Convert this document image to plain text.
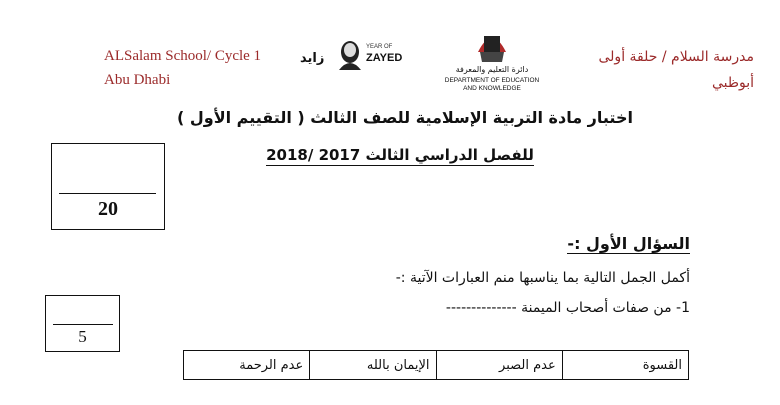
ALSalam School/ Cycle 1
Abu Dhabi
زايد
YEAR OF
ZAYED
دائرة التعليم والمعرفة
DEPARTMENT OF EDUCATION
AND KNOWLEDGE
مدرسة السلام / حلقة أولى
أبوظبي
اختبار مادة التربية الإسلامية للصف الثالث ( التقييم الأول )
للفصل الدراسي الثالث 2017 /2018
20
5
السؤال الأول :-
أكمل الجمل التالية بما يناسبها منم العبارات الآتية :-
1- من صفات أصحاب الميمنة --------------
القسوة	عدم الصبر	الإيمان بالله	عدم الرحمة
